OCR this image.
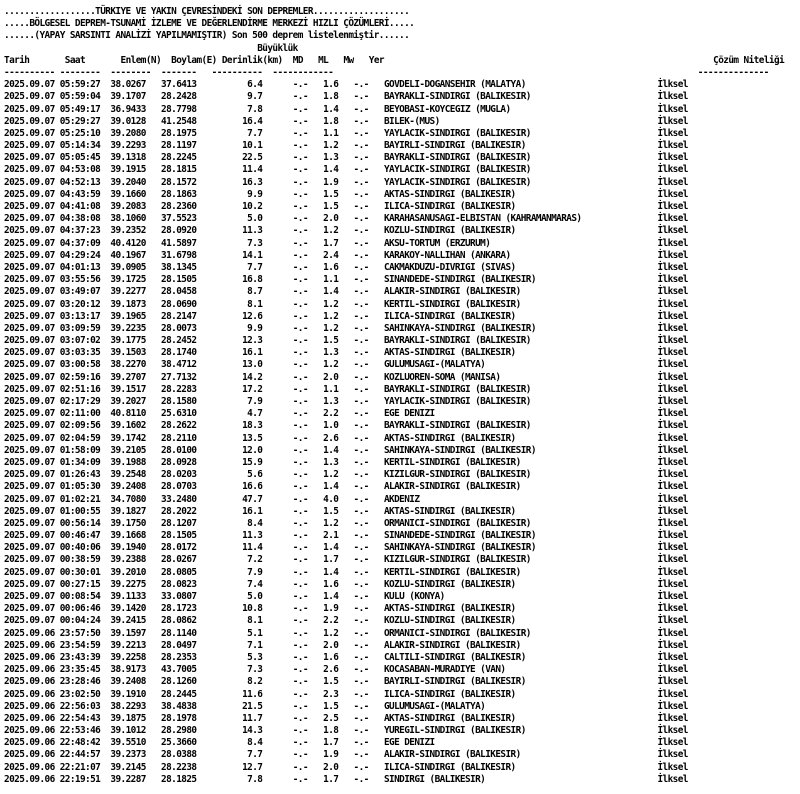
..................TÜRKIYE VE YAKIN ÇEVRESİNDEKİ SON DEPREMLER...................
.....BÖLGESEL DEPREM-TSUNAMİ İZLEME VE DEĞERLENDİRME MERKEZİ HIZLI ÇÖZÜMLERİ.....
......(YAPAY SARSINTI ANALİZİ YAPILMAMIŞTIR) Son 500 deprem listelenmiştir......
Büyüklük
Tarih	Saat	Enlem(N) Boylam(E) Derinlik(km) MD ML Mw Yer	Çözüm Niteliği
---------- --------  --------  -------   ----------  ------------                                                                        --------------
2025.09.07 05:59:27 38.0267 37.6413	6.4	-.- 1.6 -.- GOVDELI-DOGANSEHIR (MALATYA)                          İlksel
2025.09.07 05:59:04 39.1707 28.2428	9.7	-.- 1.8 -.- BAYRAKLI-SINDIRGI (BALIKESIR)                         İlksel
2025.09.07 05:49:17 36.9433 28.7798	7.8	-.- 1.4 -.- BEYOBASI-KOYCEGIZ (MUGLA)                             İlksel
2025.09.07 05:29:27 39.0128 41.2548	16.4	-.- 1.8 -.- BILEK-(MUS)                                           İlksel
2025.09.07 05:25:10 39.2080 28.1975	7.7	-.- 1.1 -.- YAYLACIK-SINDIRGI (BALIKESIR)                         İlksel
2025.09.07 05:14:34 39.2293 28.1197	10.1	-.- 1.2 -.- BAYIRLI-SINDIRGI (BALIKESIR)                          İlksel
2025.09.07 05:05:45 39.1318 28.2245	22.5	-.- 1.3 -.- BAYRAKLI-SINDIRGI (BALIKESIR)                         İlksel
2025.09.07 04:53:08 39.1915 28.1815	11.4	-.- 1.4 -.- YAYLACIK-SINDIRGI (BALIKESIR)                         İlksel
2025.09.07 04:52:13 39.2040 28.1572	16.3	-.- 1.9 -.- YAYLACIK-SINDIRGI (BALIKESIR)                         İlksel
2025.09.07 04:43:59 39.1660 28.1863	9.9	-.- 1.5 -.- AKTAS-SINDIRGI (BALIKESIR)                            İlksel
2025.09.07 04:41:08 39.2083 28.2360	10.2	-.- 1.5 -.- ILICA-SINDIRGI (BALIKESIR)                            İlksel
2025.09.07 04:38:08 38.1060 37.5523	5.0	-.- 2.0 -.- KARAHASANUSAGI-ELBISTAN (KAHRAMANMARAS)               İlksel
2025.09.07 04:37:23 39.2352 28.0920	11.3	-.- 1.2 -.- KOZLU-SINDIRGI (BALIKESIR)                            İlksel
2025.09.07 04:37:09 40.4120 41.5897	7.3	-.- 1.7 -.- AKSU-TORTUM (ERZURUM)                                 İlksel
2025.09.07 04:29:24 40.1967 31.6798	14.1	-.- 2.4 -.- KARAKOY-NALLIHAN (ANKARA)                             İlksel
2025.09.07 04:01:13 39.0905 38.1345	7.7	-.- 1.6 -.- CAKMAKDUZU-DIVRIGI (SIVAS)                            İlksel
2025.09.07 03:55:56 39.1725 28.1505	16.8	-.- 1.1 -.- SINANDEDE-SINDIRGI (BALIKESIR)                        İlksel
2025.09.07 03:49:07 39.2277 28.0458	8.7	-.- 1.4 -.- ALAKIR-SINDIRGI (BALIKESIR)                           İlksel
2025.09.07 03:20:12 39.1873 28.0690	8.1	-.- 1.2 -.- KERTIL-SINDIRGI (BALIKESIR)                           İlksel
2025.09.07 03:13:17 39.1965 28.2147	12.6	-.- 1.2 -.- ILICA-SINDIRGI (BALIKESIR)                            İlksel
2025.09.07 03:09:59 39.2235 28.0073	9.9	-.- 1.2 -.- SAHINKAYA-SINDIRGI (BALIKESIR)                        İlksel
2025.09.07 03:07:02 39.1775 28.2452	12.3	-.- 1.5 -.- BAYRAKLI-SINDIRGI (BALIKESIR)                         İlksel
2025.09.07 03:03:35 39.1503 28.1740	16.1	-.- 1.3 -.- AKTAS-SINDIRGI (BALIKESIR)                            İlksel
2025.09.07 03:00:58 38.2270 38.4712	13.0	-.- 1.2 -.- GULUMUSAGI-(MALATYA)                                  İlksel
2025.09.07 02:59:16 39.2707 27.7132	14.2	-.- 2.0 -.- KOZLUOREN-SOMA (MANISA)                               İlksel
2025.09.07 02:51:16 39.1517 28.2283	17.2	-.- 1.1 -.- BAYRAKLI-SINDIRGI (BALIKESIR)                         İlksel
2025.09.07 02:17:29 39.2027 28.1580	7.9	-.- 1.3 -.- YAYLACIK-SINDIRGI (BALIKESIR)                         İlksel
2025.09.07 02:11:00 40.8110 25.6310	4.7	-.- 2.2 -.- EGE DENIZI                                            İlksel
2025.09.07 02:09:56 39.1602 28.2622	18.3	-.- 1.0 -.- BAYRAKLI-SINDIRGI (BALIKESIR)                         İlksel
2025.09.07 02:04:59 39.1742 28.2110	13.5	-.- 2.6 -.- AKTAS-SINDIRGI (BALIKESIR)                            İlksel
2025.09.07 01:58:09 39.2105 28.0100	12.0	-.- 1.4 -.- SAHINKAYA-SINDIRGI (BALIKESIR)                        İlksel
2025.09.07 01:34:09 39.1988 28.0928	15.9	-.- 1.3 -.- KERTIL-SINDIRGI (BALIKESIR)                           İlksel
2025.09.07 01:26:43 39.2548 28.0203	5.6	-.- 1.2 -.- KIZILGUR-SINDIRGI (BALIKESIR)                         İlksel
2025.09.07 01:05:30 39.2408 28.0703	16.6	-.- 1.4 -.- ALAKIR-SINDIRGI (BALIKESIR)                           İlksel
2025.09.07 01:02:21 34.7080 33.2480	47.7	-.- 4.0 -.- AKDENIZ                                               İlksel
2025.09.07 01:00:55 39.1827 28.2022	16.1	-.- 1.5 -.- AKTAS-SINDIRGI (BALIKESIR)                            İlksel
2025.09.07 00:56:14 39.1750 28.1207	8.4	-.- 1.2 -.- ORMANICI-SINDIRGI (BALIKESIR)                         İlksel
2025.09.07 00:46:47 39.1668 28.1505	11.3	-.- 2.1 -.- SINANDEDE-SINDIRGI (BALIKESIR)                        İlksel
2025.09.07 00:40:06 39.1940 28.0172	11.4	-.- 1.4 -.- SAHINKAYA-SINDIRGI (BALIKESIR)                        İlksel
2025.09.07 00:38:59 39.2388 28.0267	7.2	-.- 1.7 -.- KIZILGUR-SINDIRGI (BALIKESIR)                         İlksel
2025.09.07 00:30:01 39.2010 28.0805	7.9	-.- 1.4 -.- KERTIL-SINDIRGI (BALIKESIR)                           İlksel
2025.09.07 00:27:15 39.2275 28.0823	7.4	-.- 1.6 -.- KOZLU-SINDIRGI (BALIKESIR)                            İlksel
2025.09.07 00:08:54 39.1133 33.0807	5.0	-.- 1.4 -.- KULU (KONYA)                                          İlksel
2025.09.07 00:06:46 39.1420 28.1723	10.8	-.- 1.9 -.- AKTAS-SINDIRGI (BALIKESIR)                            İlksel
2025.09.07 00:04:24 39.2415 28.0862	8.1	-.- 2.2 -.- KOZLU-SINDIRGI (BALIKESIR)                            İlksel
2025.09.06 23:57:50 39.1597 28.1140	5.1	-.- 1.2 -.- ORMANICI-SINDIRGI (BALIKESIR)                         İlksel
2025.09.06 23:54:59 39.2213 28.0497	7.1	-.- 2.0 -.- ALAKIR-SINDIRGI (BALIKESIR)                           İlksel
2025.09.06 23:43:39 39.2258 28.2353	5.3	-.- 1.6 -.- CALTILI-SINDIRGI (BALIKESIR)                          İlksel
2025.09.06 23:35:45 38.9173 43.7005	7.3	-.- 2.6 -.- KOCASABAN-MURADIYE (VAN)                              İlksel
2025.09.06 23:28:46 39.2408 28.1260	8.2	-.- 1.5 -.- BAYIRLI-SINDIRGI (BALIKESIR)                          İlksel
2025.09.06 23:02:50 39.1910 28.2445	11.6	-.- 2.3 -.- ILICA-SINDIRGI (BALIKESIR)                            İlksel
2025.09.06 22:56:03 38.2293 38.4838	21.5	-.- 1.5 -.- GULUMUSAGI-(MALATYA)                                  İlksel
2025.09.06 22:54:43 39.1875 28.1978	11.7	-.- 2.5 -.- AKTAS-SINDIRGI (BALIKESIR)                            İlksel
2025.09.06 22:53:46 39.1012 28.2980	14.3	-.- 1.8 -.- YUREGIL-SINDIRGI (BALIKESIR)                          İlksel
2025.09.06 22:48:42 39.5510 25.3660	8.4	-.- 1.7 -.- EGE DENIZI                                            İlksel
2025.09.06 22:44:57 39.2373 28.0388	7.7	-.- 1.9 -.- ALAKIR-SINDIRGI (BALIKESIR)                           İlksel
2025.09.06 22:21:07 39.2145 28.2238	12.7	-.- 2.0 -.- ILICA-SINDIRGI (BALIKESIR)                            İlksel
2025.09.06 22:19:51 39.2287 28.1825	7.8	-.- 1.7 -.- SINDIRGI (BALIKESIR)                                  İlksel
